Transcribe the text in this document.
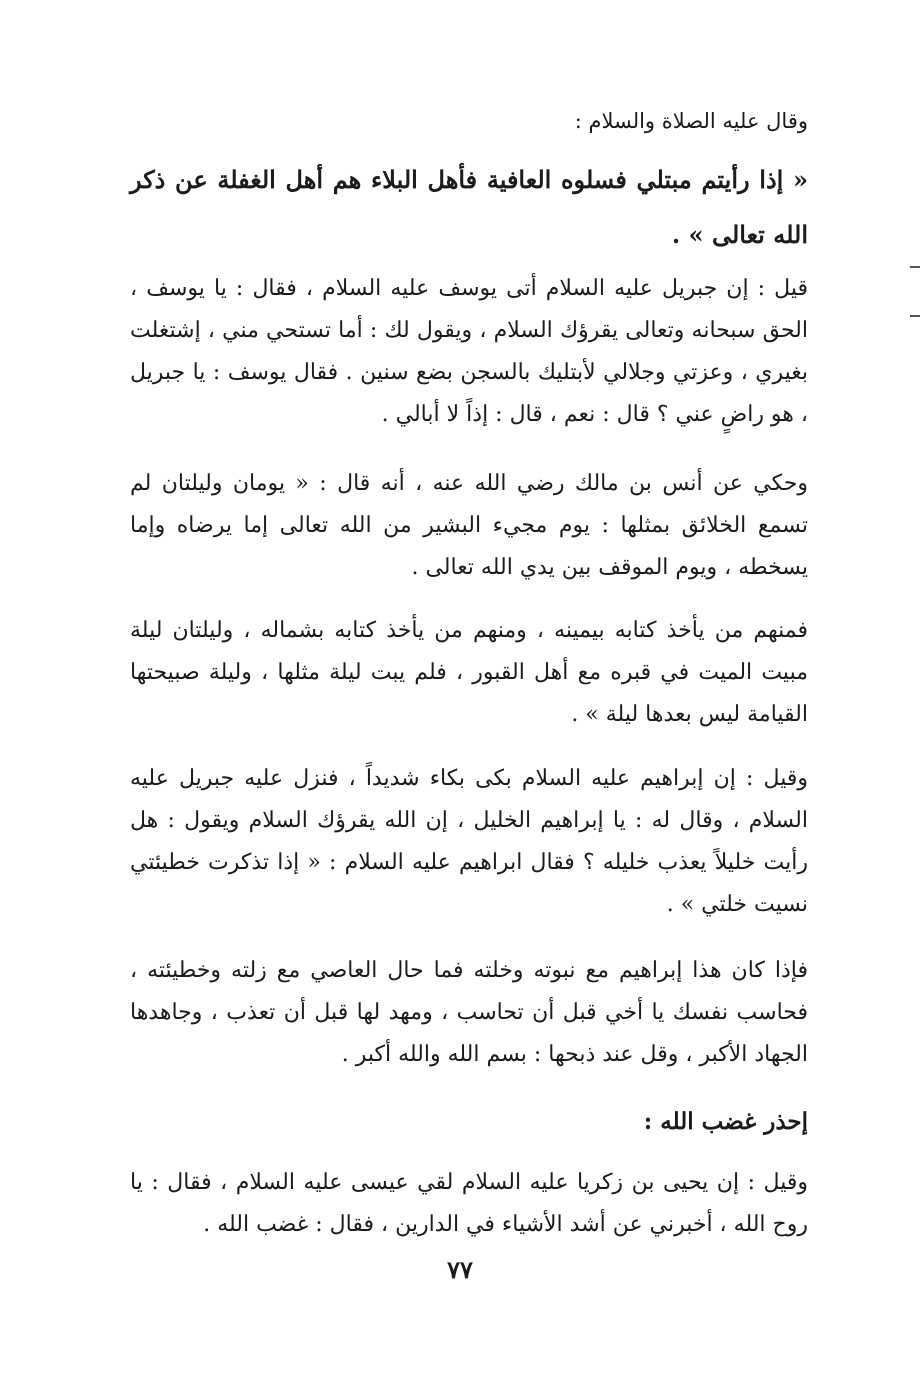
وقال عليه الصلاة والسلام :
« إذا رأيتم مبتلي فسلوه العافية فأهل البلاء هم أهل الغفلة عن ذكر الله تعالى » .
قيل : إن جبريل عليه السلام أتى يوسف عليه السلام ، فقال : يا يوسف ، الحق سبحانه وتعالى يقرؤك السلام ، ويقول لك : أما تستحي مني ، إشتغلت بغيري ، وعزتي وجلالي لأبتليك بالسجن بضع سنين . فقال يوسف : يا جبريل ، هو راضٍ عني ؟ قال : نعم ، قال : إذاً لا أبالي .
وحكي عن أنس بن مالك رضي الله عنه ، أنه قال : « يومان وليلتان لم تسمع الخلائق بمثلها : يوم مجيء البشير من الله تعالى إما يرضاه وإما يسخطه ، ويوم الموقف بين يدي الله تعالى .
فمنهم من يأخذ كتابه بيمينه ، ومنهم من يأخذ كتابه بشماله ، وليلتان ليلة مبيت الميت في قبره مع أهل القبور ، فلم يبت ليلة مثلها ، وليلة صبيحتها القيامة ليس بعدها ليلة » .
وقيل : إن إبراهيم عليه السلام بكى بكاء شديداً ، فنزل عليه جبريل عليه السلام ، وقال له : يا إبراهيم الخليل ، إن الله يقرؤك السلام ويقول : هل رأيت خليلاً يعذب خليله ؟ فقال ابراهيم عليه السلام : « إذا تذكرت خطيئتي نسيت خلتي » .
فإذا كان هذا إبراهيم مع نبوته وخلته فما حال العاصي مع زلته وخطيئته ، فحاسب نفسك يا أخي قبل أن تحاسب ، ومهد لها قبل أن تعذب ، وجاهدها الجهاد الأكبر ، وقل عند ذبحها : بسم الله والله أكبر .
إحذر غضب الله :
وقيل : إن يحيى بن زكريا عليه السلام لقي عيسى عليه السلام ، فقال : يا روح الله ، أخبرني عن أشد الأشياء في الدارين ، فقال : غضب الله .
٧٧
